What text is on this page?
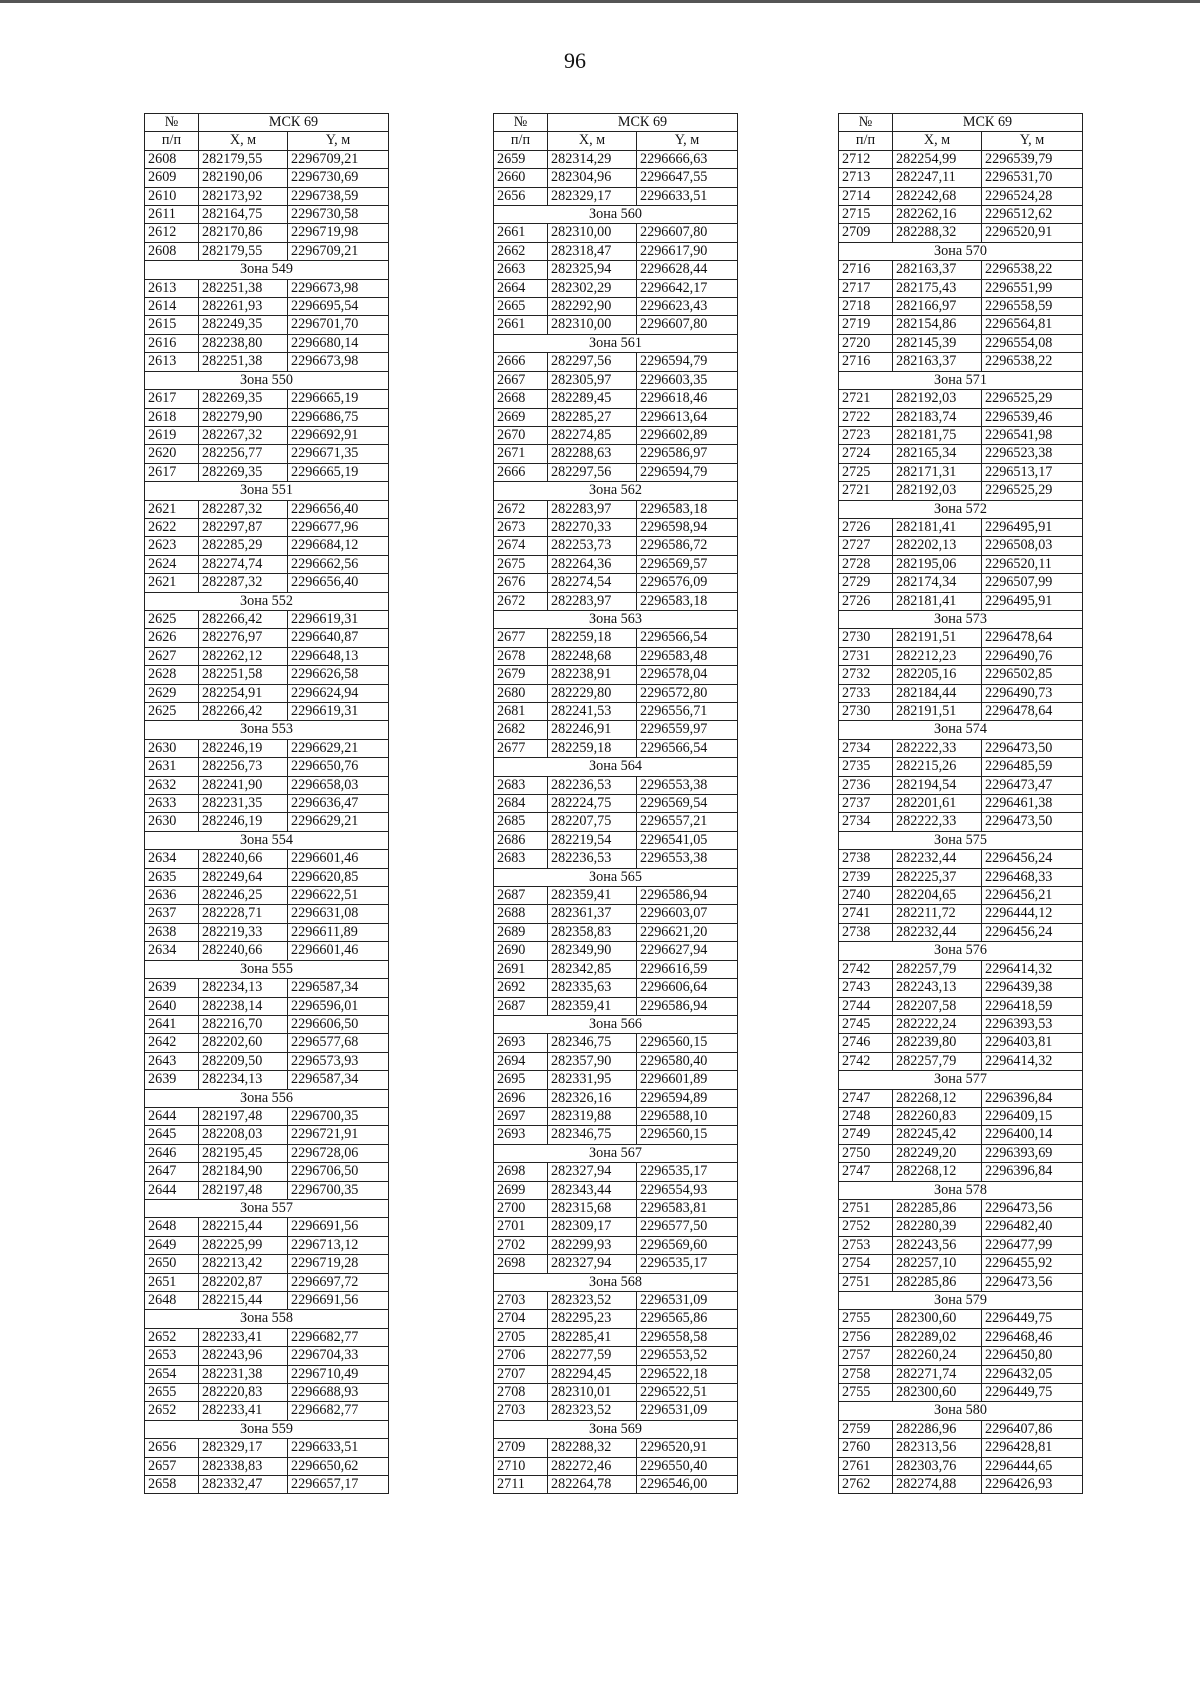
96
№	МСК 69	
п/п	X, м	Y, м
2608	282179,55	2296709,21
2609	282190,06	2296730,69
2610	282173,92	2296738,59
2611	282164,75	2296730,58
2612	282170,86	2296719,98
2608	282179,55	2296709,21
Зона 549		
2613	282251,38	2296673,98
2614	282261,93	2296695,54
2615	282249,35	2296701,70
2616	282238,80	2296680,14
2613	282251,38	2296673,98
Зона 550		
2617	282269,35	2296665,19
2618	282279,90	2296686,75
2619	282267,32	2296692,91
2620	282256,77	2296671,35
2617	282269,35	2296665,19
Зона 551		
2621	282287,32	2296656,40
2622	282297,87	2296677,96
2623	282285,29	2296684,12
2624	282274,74	2296662,56
2621	282287,32	2296656,40
Зона 552		
2625	282266,42	2296619,31
2626	282276,97	2296640,87
2627	282262,12	2296648,13
2628	282251,58	2296626,58
2629	282254,91	2296624,94
2625	282266,42	2296619,31
Зона 553		
2630	282246,19	2296629,21
2631	282256,73	2296650,76
2632	282241,90	2296658,03
2633	282231,35	2296636,47
2630	282246,19	2296629,21
Зона 554		
2634	282240,66	2296601,46
2635	282249,64	2296620,85
2636	282246,25	2296622,51
2637	282228,71	2296631,08
2638	282219,33	2296611,89
2634	282240,66	2296601,46
Зона 555		
2639	282234,13	2296587,34
2640	282238,14	2296596,01
2641	282216,70	2296606,50
2642	282202,60	2296577,68
2643	282209,50	2296573,93
2639	282234,13	2296587,34
Зона 556		
2644	282197,48	2296700,35
2645	282208,03	2296721,91
2646	282195,45	2296728,06
2647	282184,90	2296706,50
2644	282197,48	2296700,35
Зона 557		
2648	282215,44	2296691,56
2649	282225,99	2296713,12
2650	282213,42	2296719,28
2651	282202,87	2296697,72
2648	282215,44	2296691,56
Зона 558		
2652	282233,41	2296682,77
2653	282243,96	2296704,33
2654	282231,38	2296710,49
2655	282220,83	2296688,93
2652	282233,41	2296682,77
Зона 559		
2656	282329,17	2296633,51
2657	282338,83	2296650,62
2658	282332,47	2296657,17
№	МСК 69	
п/п	X, м	Y, м
2659	282314,29	2296666,63
2660	282304,96	2296647,55
2656	282329,17	2296633,51
Зона 560		
2661	282310,00	2296607,80
2662	282318,47	2296617,90
2663	282325,94	2296628,44
2664	282302,29	2296642,17
2665	282292,90	2296623,43
2661	282310,00	2296607,80
Зона 561		
2666	282297,56	2296594,79
2667	282305,97	2296603,35
2668	282289,45	2296618,46
2669	282285,27	2296613,64
2670	282274,85	2296602,89
2671	282288,63	2296586,97
2666	282297,56	2296594,79
Зона 562		
2672	282283,97	2296583,18
2673	282270,33	2296598,94
2674	282253,73	2296586,72
2675	282264,36	2296569,57
2676	282274,54	2296576,09
2672	282283,97	2296583,18
Зона 563		
2677	282259,18	2296566,54
2678	282248,68	2296583,48
2679	282238,91	2296578,04
2680	282229,80	2296572,80
2681	282241,53	2296556,71
2682	282246,91	2296559,97
2677	282259,18	2296566,54
Зона 564		
2683	282236,53	2296553,38
2684	282224,75	2296569,54
2685	282207,75	2296557,21
2686	282219,54	2296541,05
2683	282236,53	2296553,38
Зона 565		
2687	282359,41	2296586,94
2688	282361,37	2296603,07
2689	282358,83	2296621,20
2690	282349,90	2296627,94
2691	282342,85	2296616,59
2692	282335,63	2296606,64
2687	282359,41	2296586,94
Зона 566		
2693	282346,75	2296560,15
2694	282357,90	2296580,40
2695	282331,95	2296601,89
2696	282326,16	2296594,89
2697	282319,88	2296588,10
2693	282346,75	2296560,15
Зона 567		
2698	282327,94	2296535,17
2699	282343,44	2296554,93
2700	282315,68	2296583,81
2701	282309,17	2296577,50
2702	282299,93	2296569,60
2698	282327,94	2296535,17
Зона 568		
2703	282323,52	2296531,09
2704	282295,23	2296565,86
2705	282285,41	2296558,58
2706	282277,59	2296553,52
2707	282294,45	2296522,18
2708	282310,01	2296522,51
2703	282323,52	2296531,09
Зона 569		
2709	282288,32	2296520,91
2710	282272,46	2296550,40
2711	282264,78	2296546,00
№	МСК 69	
п/п	X, м	Y, м
2712	282254,99	2296539,79
2713	282247,11	2296531,70
2714	282242,68	2296524,28
2715	282262,16	2296512,62
2709	282288,32	2296520,91
Зона 570		
2716	282163,37	2296538,22
2717	282175,43	2296551,99
2718	282166,97	2296558,59
2719	282154,86	2296564,81
2720	282145,39	2296554,08
2716	282163,37	2296538,22
Зона 571		
2721	282192,03	2296525,29
2722	282183,74	2296539,46
2723	282181,75	2296541,98
2724	282165,34	2296523,38
2725	282171,31	2296513,17
2721	282192,03	2296525,29
Зона 572		
2726	282181,41	2296495,91
2727	282202,13	2296508,03
2728	282195,06	2296520,11
2729	282174,34	2296507,99
2726	282181,41	2296495,91
Зона 573		
2730	282191,51	2296478,64
2731	282212,23	2296490,76
2732	282205,16	2296502,85
2733	282184,44	2296490,73
2730	282191,51	2296478,64
Зона 574		
2734	282222,33	2296473,50
2735	282215,26	2296485,59
2736	282194,54	2296473,47
2737	282201,61	2296461,38
2734	282222,33	2296473,50
Зона 575		
2738	282232,44	2296456,24
2739	282225,37	2296468,33
2740	282204,65	2296456,21
2741	282211,72	2296444,12
2738	282232,44	2296456,24
Зона 576		
2742	282257,79	2296414,32
2743	282243,13	2296439,38
2744	282207,58	2296418,59
2745	282222,24	2296393,53
2746	282239,80	2296403,81
2742	282257,79	2296414,32
Зона 577		
2747	282268,12	2296396,84
2748	282260,83	2296409,15
2749	282245,42	2296400,14
2750	282249,20	2296393,69
2747	282268,12	2296396,84
Зона 578		
2751	282285,86	2296473,56
2752	282280,39	2296482,40
2753	282243,56	2296477,99
2754	282257,10	2296455,92
2751	282285,86	2296473,56
Зона 579		
2755	282300,60	2296449,75
2756	282289,02	2296468,46
2757	282260,24	2296450,80
2758	282271,74	2296432,05
2755	282300,60	2296449,75
Зона 580		
2759	282286,96	2296407,86
2760	282313,56	2296428,81
2761	282303,76	2296444,65
2762	282274,88	2296426,93
